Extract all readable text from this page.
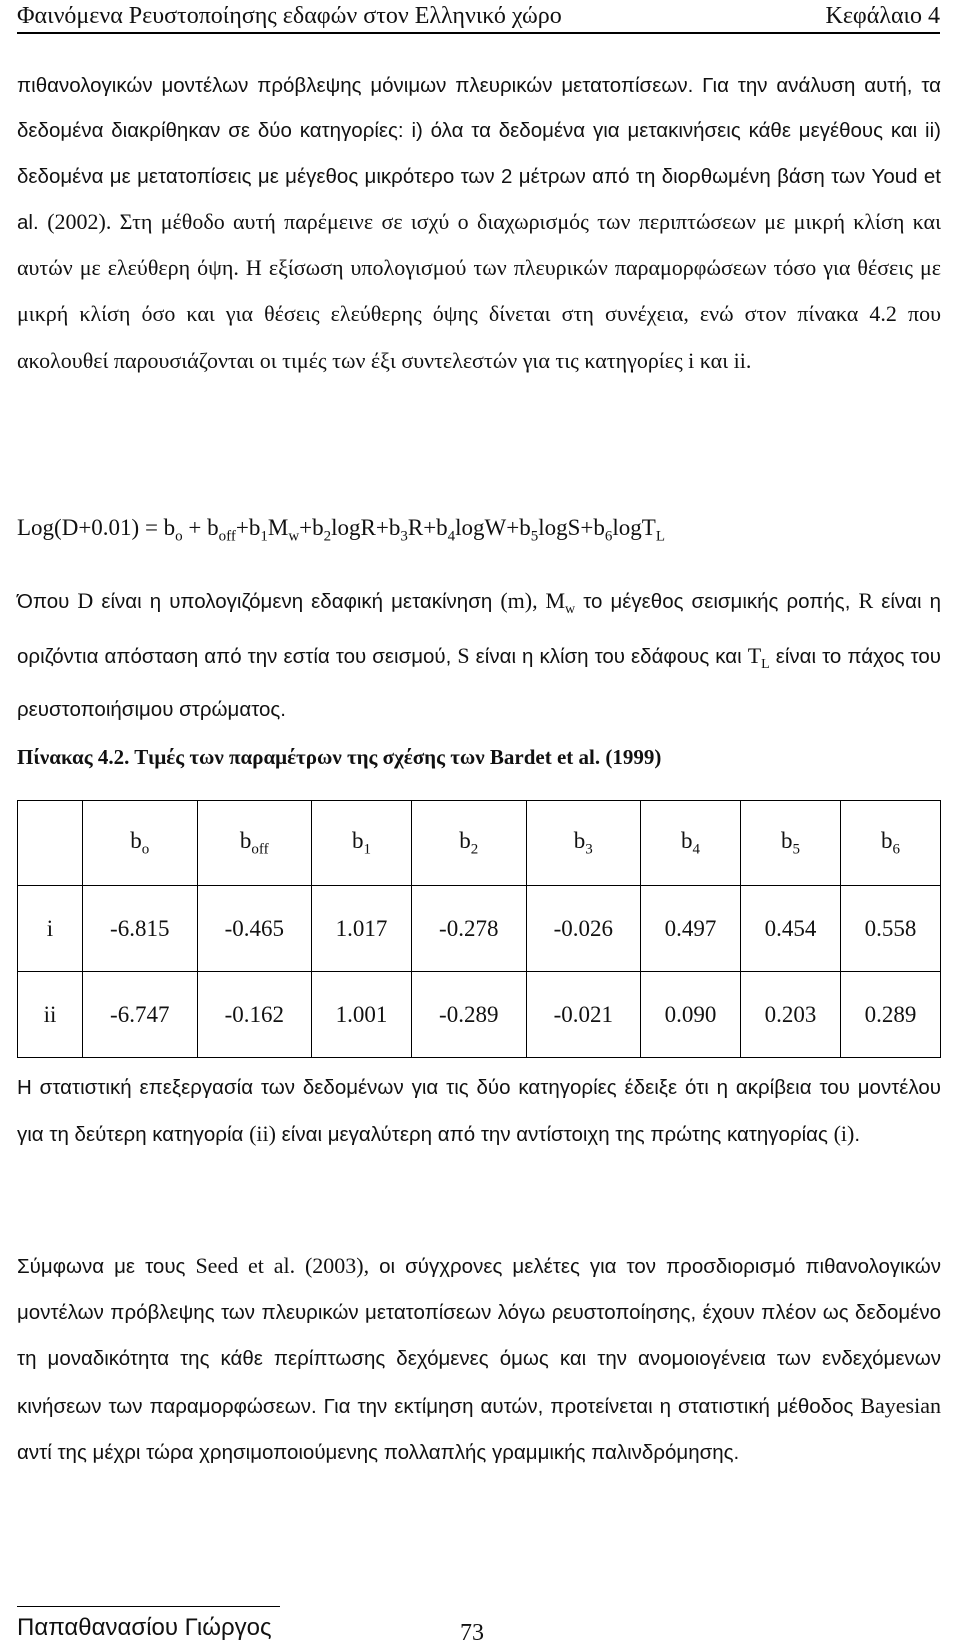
Φαινόμενα Ρευστοποίησης εδαφών στον Ελληνικό χώρο	Κεφάλαιο 4

πιθανολογικών μοντέλων πρόβλεψης μόνιμων πλευρικών μετατοπίσεων. Για την ανάλυση αυτή, τα δεδομένα διακρίθηκαν σε δύο κατηγορίες: i) όλα τα δεδομένα για μετακινήσεις κάθε μεγέθους και ii) δεδομένα με μετατοπίσεις με μέγεθος μικρότερο των 2 μέτρων από τη διορθωμένη βάση των Youd et al. (2002). Στη μέθοδο αυτή παρέμεινε σε ισχύ ο διαχωρισμός των περιπτώσεων με μικρή κλίση και αυτών με ελεύθερη όψη. Η εξίσωση υπολογισμού των πλευρικών παραμορφώσεων τόσο για θέσεις με μικρή κλίση όσο και για θέσεις ελεύθερης όψης δίνεται στη συνέχεια, ενώ στον πίνακα 4.2 που ακολουθεί παρουσιάζονται οι τιμές των έξι συντελεστών για τις κατηγορίες i και ii.

$Log(D+0.01) = b_o + b_{off}+b_1M_w+b_2\log R+b_3R+b_4\log W+b_5\log S+b_6\log T_L$

Όπου D είναι η υπολογιζόμενη εδαφική μετακίνηση (m), $M_w$ το μέγεθος σεισμικής ροπής, R είναι η οριζόντια απόσταση από την εστία του σεισμού, S είναι η κλίση του εδάφους και $T_L$ είναι το πάχος του ρευστοποιήσιμου στρώματος.

Πίνακας 4.2. Τιμές των παραμέτρων της σχέσης των Bardet et al. (1999)
	$b_o$	$b_{off}$	$b_1$	$b_2$	$b_3$	$b_4$	$b_5$	$b_6$
i	-6.815	-0.465	1.017	-0.278	-0.026	0.497	0.454	0.558
ii	-6.747	-0.162	1.001	-0.289	-0.021	0.090	0.203	0.289

Η στατιστική επεξεργασία των δεδομένων για τις δύο κατηγορίες έδειξε ότι η ακρίβεια του μοντέλου για τη δεύτερη κατηγορία (ii) είναι μεγαλύτερη από την αντίστοιχη της πρώτης κατηγορίας (i).

Σύμφωνα με τους Seed et al. (2003), οι σύγχρονες μελέτες για τον προσδιορισμό πιθανολογικών μοντέλων πρόβλεψης των πλευρικών μετατοπίσεων λόγω ρευστοποίησης, έχουν πλέον ως δεδομένο τη μοναδικότητα της κάθε περίπτωσης δεχόμενες όμως και την ανομοιογένεια των ενδεχόμενων κινήσεων των παραμορφώσεων. Για την εκτίμηση αυτών, προτείνεται η στατιστική μέθοδος Bayesian αντί της μέχρι τώρα χρησιμοποιούμενης πολλαπλής γραμμικής παλινδρόμησης.

Παπαθανασίου Γιώργος	73
